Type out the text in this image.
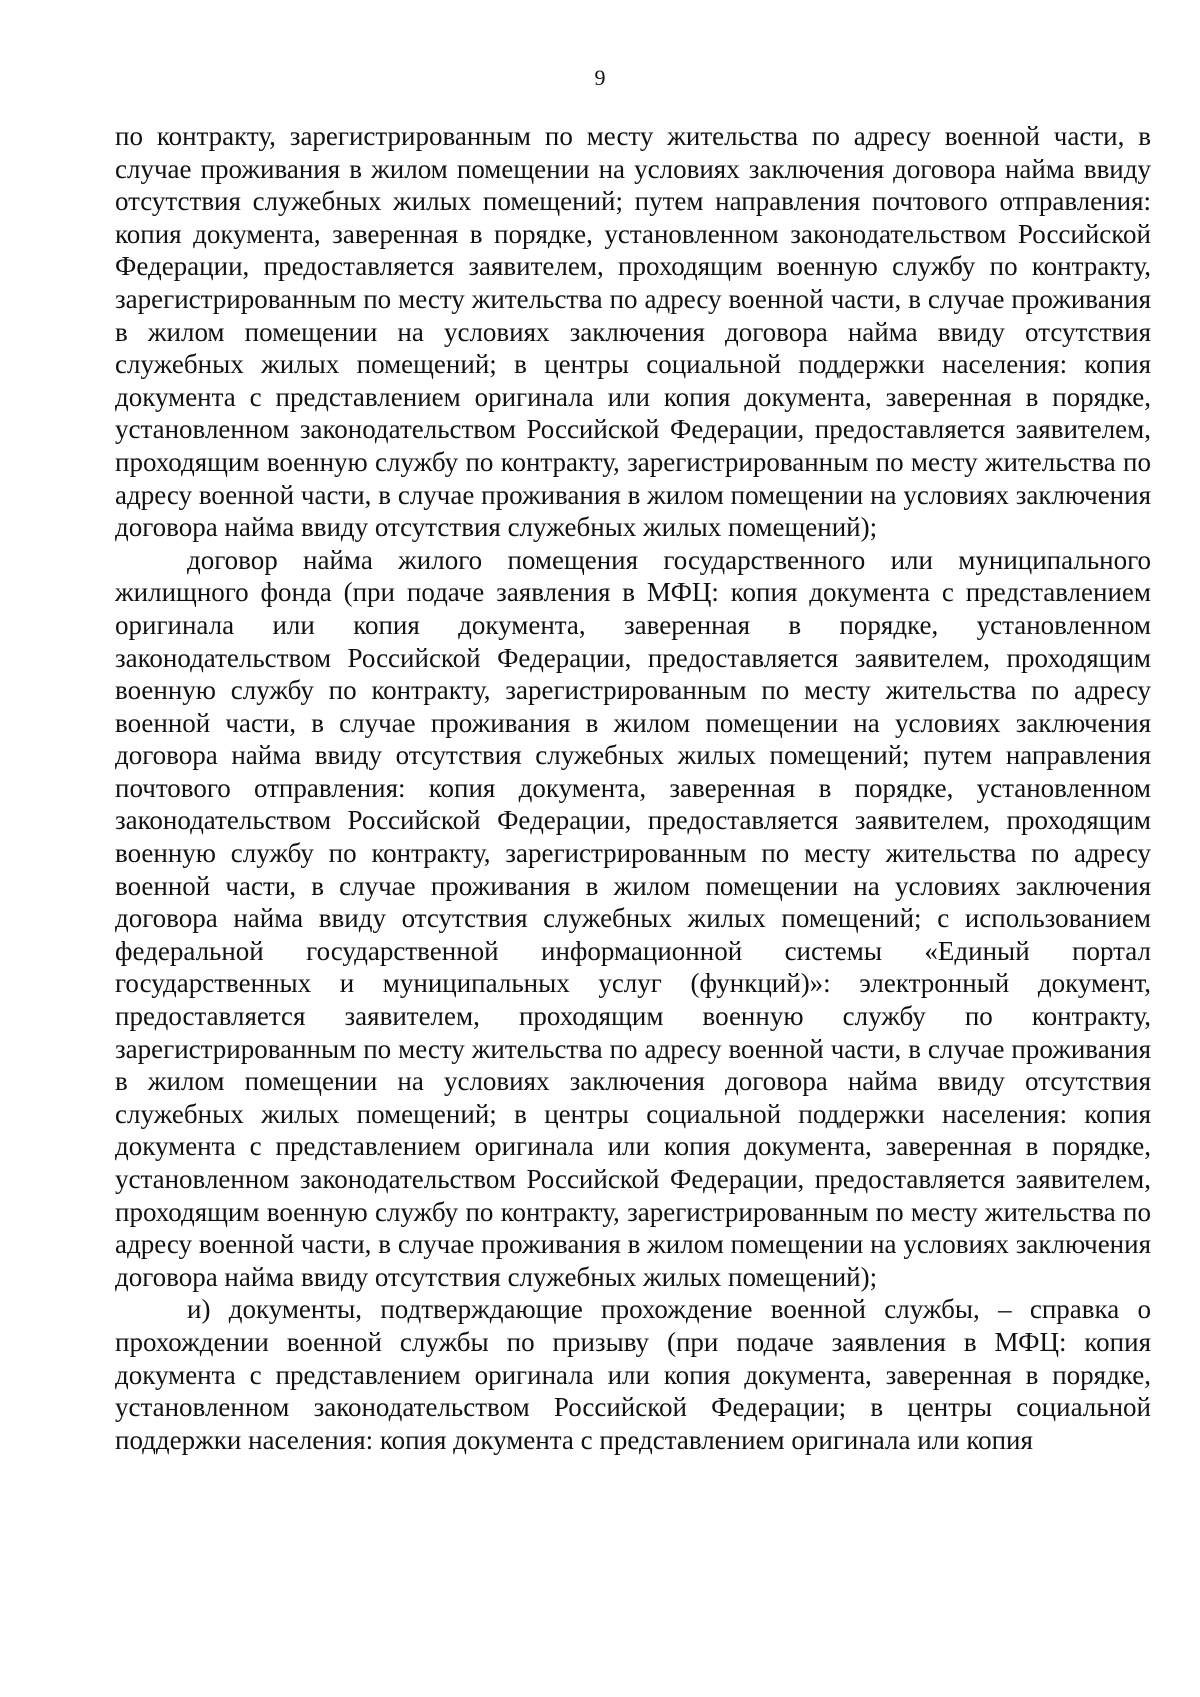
9

по контракту, зарегистрированным по месту жительства по адресу военной части, в случае проживания в жилом помещении на условиях заключения договора найма ввиду отсутствия служебных жилых помещений; путем направления почтового отправления: копия документа, заверенная в порядке, установленном законодательством Российской Федерации, предоставляется заявителем, проходящим военную службу по контракту, зарегистрированным по месту жительства по адресу военной части, в случае проживания в жилом помещении на условиях заключения договора найма ввиду отсутствия служебных жилых помещений; в центры социальной поддержки населения: копия документа с представлением оригинала или копия документа, заверенная в порядке, установленном законодательством Российской Федерации, предоставляется заявителем, проходящим военную службу по контракту, зарегистрированным по месту жительства по адресу военной части, в случае проживания в жилом помещении на условиях заключения договора найма ввиду отсутствия служебных жилых помещений);

договор найма жилого помещения государственного или муниципального жилищного фонда (при подаче заявления в МФЦ: копия документа с представлением оригинала или копия документа, заверенная в порядке, установленном законодательством Российской Федерации, предоставляется заявителем, проходящим военную службу по контракту, зарегистрированным по месту жительства по адресу военной части, в случае проживания в жилом помещении на условиях заключения договора найма ввиду отсутствия служебных жилых помещений; путем направления почтового отправления: копия документа, заверенная в порядке, установленном законодательством Российской Федерации, предоставляется заявителем, проходящим военную службу по контракту, зарегистрированным по месту жительства по адресу военной части, в случае проживания в жилом помещении на условиях заключения договора найма ввиду отсутствия служебных жилых помещений; с использованием федеральной государственной информационной системы «Единый портал государственных и муниципальных услуг (функций)»: электронный документ, предоставляется заявителем, проходящим военную службу по контракту, зарегистрированным по месту жительства по адресу военной части, в случае проживания в жилом помещении на условиях заключения договора найма ввиду отсутствия служебных жилых помещений; в центры социальной поддержки населения: копия документа с представлением оригинала или копия документа, заверенная в порядке, установленном законодательством Российской Федерации, предоставляется заявителем, проходящим военную службу по контракту, зарегистрированным по месту жительства по адресу военной части, в случае проживания в жилом помещении на условиях заключения договора найма ввиду отсутствия служебных жилых помещений);

и) документы, подтверждающие прохождение военной службы, – справка о прохождении военной службы по призыву (при подаче заявления в МФЦ: копия документа с представлением оригинала или копия документа, заверенная в порядке, установленном законодательством Российской Федерации; в центры социальной поддержки населения: копия документа с представлением оригинала или копия
